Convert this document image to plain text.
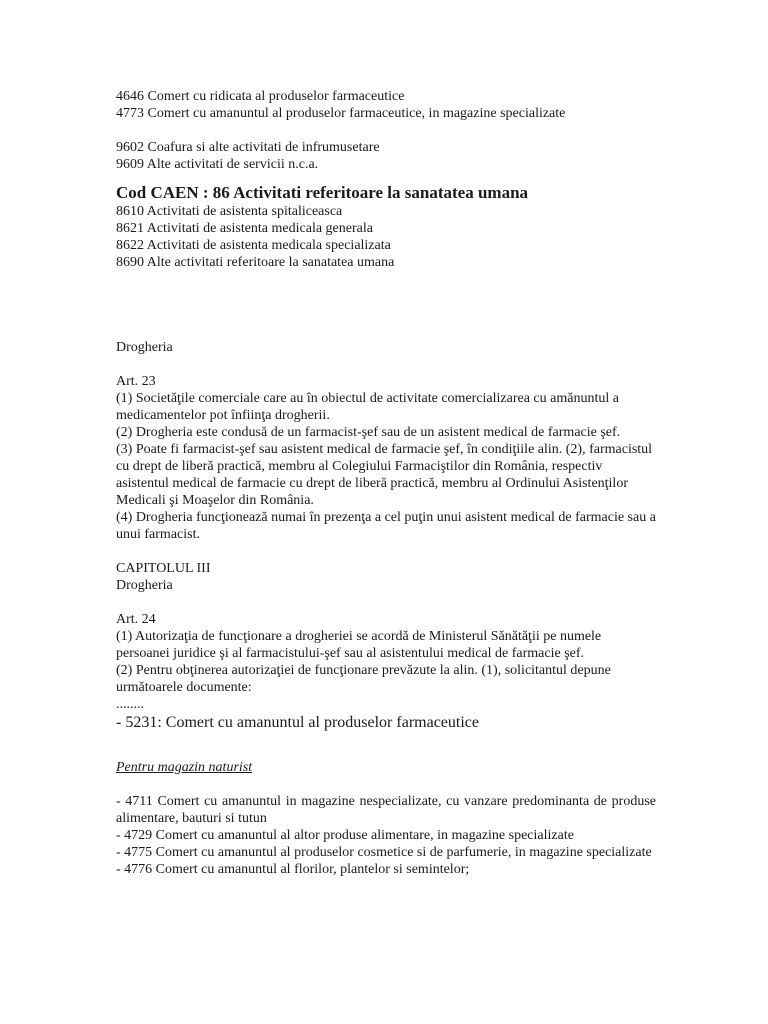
4646 Comert cu ridicata al produselor farmaceutice
4773 Comert cu amanuntul al produselor farmaceutice, in magazine specializate
9602 Coafura si alte activitati de infrumusetare
9609 Alte activitati de servicii n.c.a.
Cod CAEN : 86 Activitati referitoare la sanatatea umana
8610 Activitati de asistenta spitaliceasca
8621 Activitati de asistenta medicala generala
8622 Activitati de asistenta medicala specializata
8690 Alte activitati referitoare la sanatatea umana
Drogheria
Art. 23
(1) Societăţile comerciale care au în obiectul de activitate comercializarea cu amănuntul a medicamentelor pot înfiinţa drogherii.
(2) Drogheria este condusă de un farmacist-şef sau de un asistent medical de farmacie şef.
(3) Poate fi farmacist-şef sau asistent medical de farmacie şef, în condiţiile alin. (2), farmacistul cu drept de liberă practică, membru al Colegiului Farmaciştilor din România, respectiv asistentul medical de farmacie cu drept de liberă practică, membru al Ordinului Asistenţilor Medicali şi Moaşelor din România.
(4) Drogheria funcţionează numai în prezenţa a cel puţin unui asistent medical de farmacie sau a unui farmacist.
CAPITOLUL III
Drogheria
Art. 24
(1) Autorizaţia de funcţionare a drogheriei se acordă de Ministerul Sănătăţii pe numele persoanei juridice şi al farmacistului-şef sau al asistentului medical de farmacie şef.
(2) Pentru obţinerea autorizaţiei de funcţionare prevăzute la alin. (1), solicitantul depune următoarele documente:
........
- 5231: Comert cu amanuntul al produselor farmaceutice
Pentru magazin naturist
- 4711 Comert cu amanuntul in magazine nespecializate, cu vanzare predominanta de produse alimentare, bauturi si tutun
- 4729 Comert cu amanuntul al altor produse alimentare, in magazine specializate
- 4775 Comert cu amanuntul al produselor cosmetice si de parfumerie, in magazine specializate
- 4776 Comert cu amanuntul al florilor, plantelor si semintelor;
